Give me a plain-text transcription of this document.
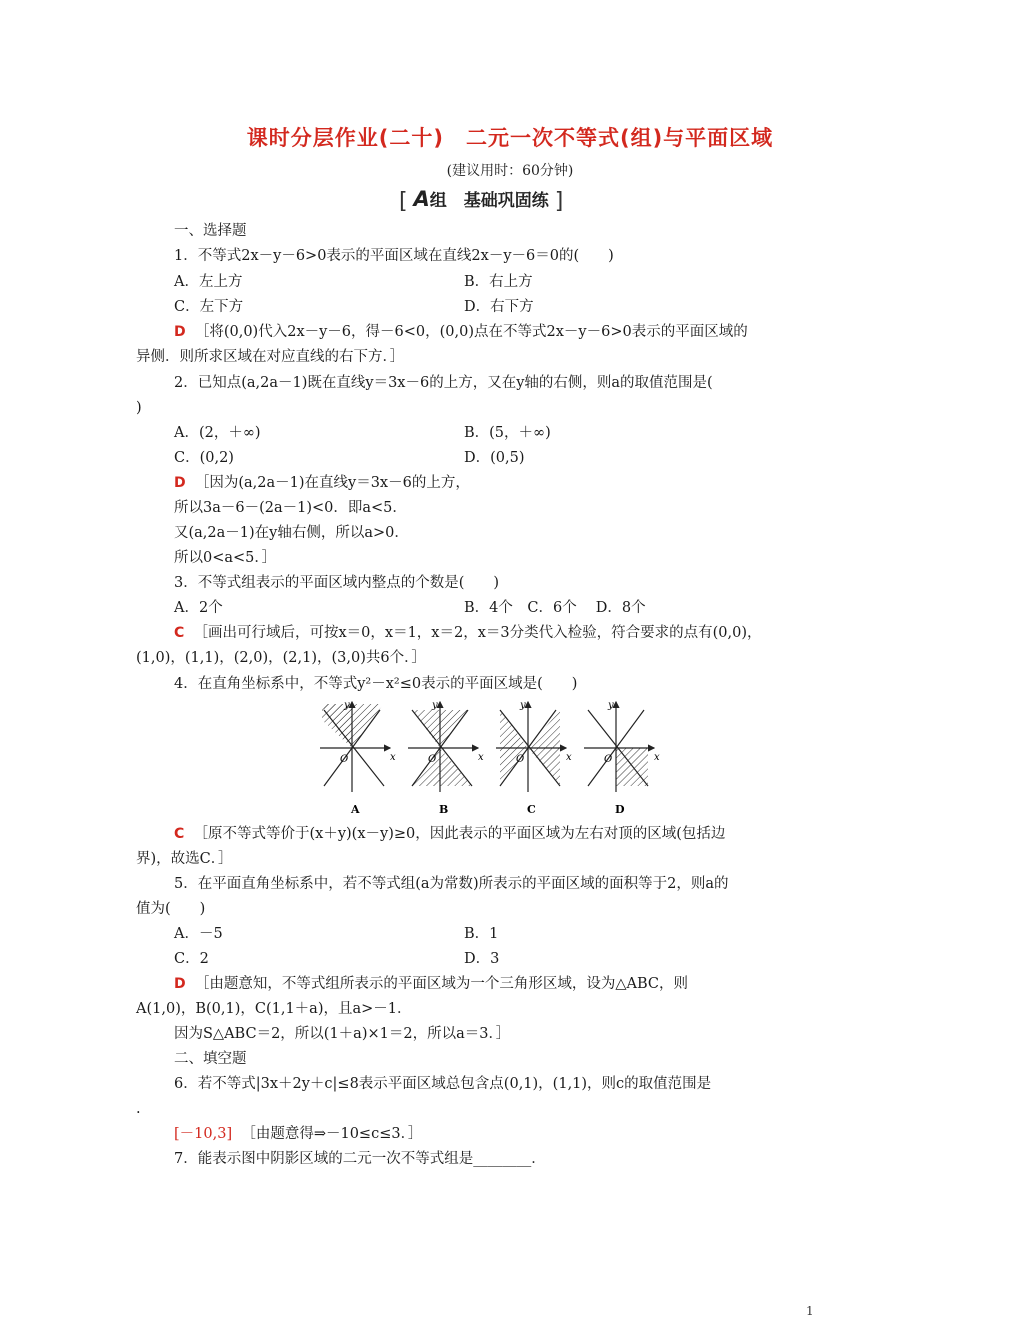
课时分层作业(二十)　二元一次不等式(组)与平面区域
(建议用时：60分钟)
[ A组 基础巩固练 ]
一、选择题
1．不等式2x－y－6>0表示的平面区域在直线2x－y－6＝0的(　　)
A．左上方	B．右上方
C．左下方	D．右下方
D ［将(0,0)代入2x－y－6，得－6<0，(0,0)点在不等式2x－y－6>0表示的平面区域的
异侧．则所求区域在对应直线的右下方．］
2．已知点(a,2a－1)既在直线y＝3x－6的上方，又在y轴的右侧，则a的取值范围是(
)
A．(2，＋∞)	B．(5，＋∞)
C．(0,2)	D．(0,5)
D ［因为(a,2a－1)在直线y＝3x－6的上方，
所以3a－6－(2a－1)<0．即a<5．
又(a,2a－1)在y轴右侧，所以a>0．
所以0<a<5．］
3．不等式组表示的平面区域内整点的个数是(　　)
A．2个	B．4个　C．6个　 D．8个
C ［画出可行域后，可按x＝0，x＝1，x＝2，x＝3分类代入检验，符合要求的点有(0,0)，
(1,0)，(1,1)，(2,0)，(2,1)，(3,0)共6个．］
4．在直角坐标系中，不等式y²－x²≤0表示的平面区域是(　　)
y
x
O
A
y
x
O
B
y
x
O
C
y
x
O
D
C ［原不等式等价于(x＋y)(x－y)≥0，因此表示的平面区域为左右对顶的区域(包括边
界)，故选C．］
5．在平面直角坐标系中，若不等式组(a为常数)所表示的平面区域的面积等于2，则a的
值为(　　)
A．－5	B．1
C．2	D．3
D ［由题意知，不等式组所表示的平面区域为一个三角形区域，设为△ABC，则
A(1,0)，B(0,1)，C(1,1＋a)，且a>－1．
因为S△ABC＝2，所以(1＋a)×1＝2，所以a＝3．］
二、填空题
6．若不等式|3x＋2y＋c|≤8表示平面区域总包含点(0,1)，(1,1)，则c的取值范围是
.
[－10,3] ［由题意得⇒－10≤c≤3．］
7．能表示图中阴影区域的二元一次不等式组是________．
1
